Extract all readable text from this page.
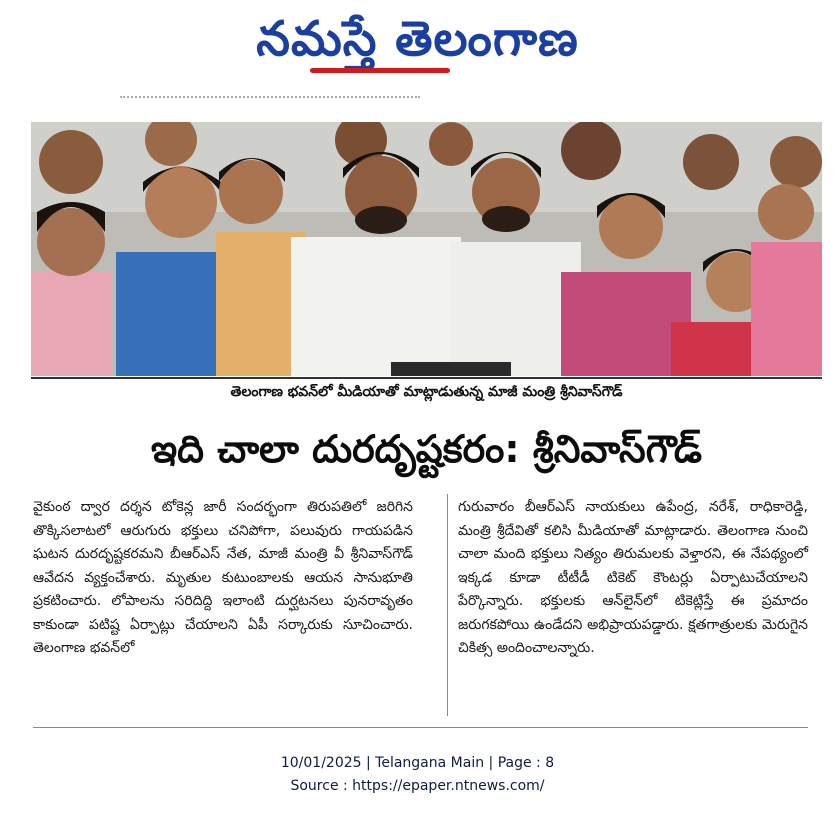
నమస్తే తెలంగాణ
తెలంగాణ భవన్‌లో మీడియాతో మాట్లాడుతున్న మాజీ మంత్రి శ్రీనివాస్‌గౌడ్
ఇది చాలా దురదృష్టకరం: శ్రీనివాస్‌గౌడ్
వైకుంఠ ద్వార దర్శన టోకెన్ల జారీ సందర్భంగా తిరుపతిలో జరిగిన తొక్కిసలాటలో ఆరుగురు భక్తులు చనిపోగా, పలువురు గాయపడిన ఘటన దురదృష్టకరమని బీఆర్‌ఎస్ నేత, మాజీ మంత్రి వీ శ్రీనివాస్‌గౌడ్ ఆవేదన వ్యక్తంచేశారు. మృతుల కుటుంబాలకు ఆయన సానుభూతి ప్రకటించారు. లోపాలను సరిదిద్ది ఇలాంటి దుర్ఘటనలు పునరావృతం కాకుండా పటిష్ట ఏర్పాట్లు చేయాలని ఏపీ సర్కారుకు సూచించారు. తెలంగాణ భవన్‌లో
గురువారం బీఆర్‌ఎస్ నాయకులు ఉపేంద్ర, నరేశ్, రాధికారెడ్డి, మంత్రి శ్రీదేవితో కలిసి మీడియాతో మాట్లాడారు. తెలంగాణ నుంచి చాలా మంది భక్తులు నిత్యం తిరుమలకు వెళ్తారని, ఈ నేపథ్యంలో ఇక్కడ కూడా టీటీడీ టికెట్ కౌంటర్లు ఏర్పాటుచేయాలని పేర్కొన్నారు. భక్తులకు ఆన్‌లైన్‌లో టికెట్లిస్తే ఈ ప్రమాదం జరుగకపోయి ఉండేదని అభిప్రాయపడ్డారు. క్షతగాత్రులకు మెరుగైన చికిత్స అందించాలన్నారు.
10/01/2025 | Telangana Main | Page : 8
Source : https://epaper.ntnews.com/
